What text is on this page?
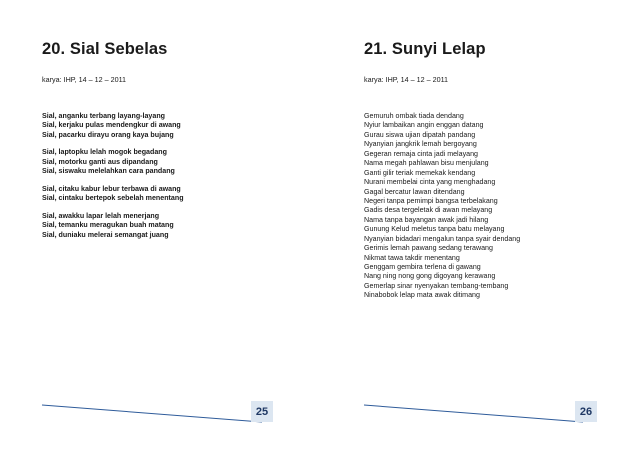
20. Sial Sebelas
karya: IHP, 14 – 12 – 2011
Sial, anganku terbang layang-layang
Sial, kerjaku pulas mendengkur di awang
Sial, pacarku dirayu orang kaya bujang
Sial, laptopku lelah mogok begadang
Sial, motorku ganti aus dipandang
Sial, siswaku melelahkan cara pandang
Sial, citaku kabur lebur terbawa di awang
Sial, cintaku bertepok sebelah menentang
Sial, awakku lapar lelah menerjang
Sial, temanku meragukan buah matang
Sial, duniaku melerai semangat juang
25
21. Sunyi Lelap
karya: IHP, 14 – 12 – 2011
Gemuruh ombak tiada dendang
Nyiur lambaikan angin enggan datang
Gurau siswa ujian dipatah pandang
Nyanyian jangkrik lemah bergoyang
Gegeran remaja cinta jadi melayang
Nama megah pahlawan bisu menjulang
Ganti gilir teriak memekak kendang
Nurani membelai cinta yang menghadang
Gagal bercatur lawan ditendang
Negeri tanpa pemimpi bangsa terbelakang
Gadis desa tergeletak di awan melayang
Nama tanpa bayangan awak jadi hilang
Gunung Kelud meletus tanpa batu melayang
Nyanyian bidadari mengalun tanpa syair dendang
Gerimis lemah pawang sedang terawang
Nikmat tawa takdir menentang
Genggam gembira terlena di gawang
Nang ning nong gong digoyang kerawang
Gemerlap sinar nyenyakan tembang-tembang
Ninabobok lelap mata awak ditimang
26
